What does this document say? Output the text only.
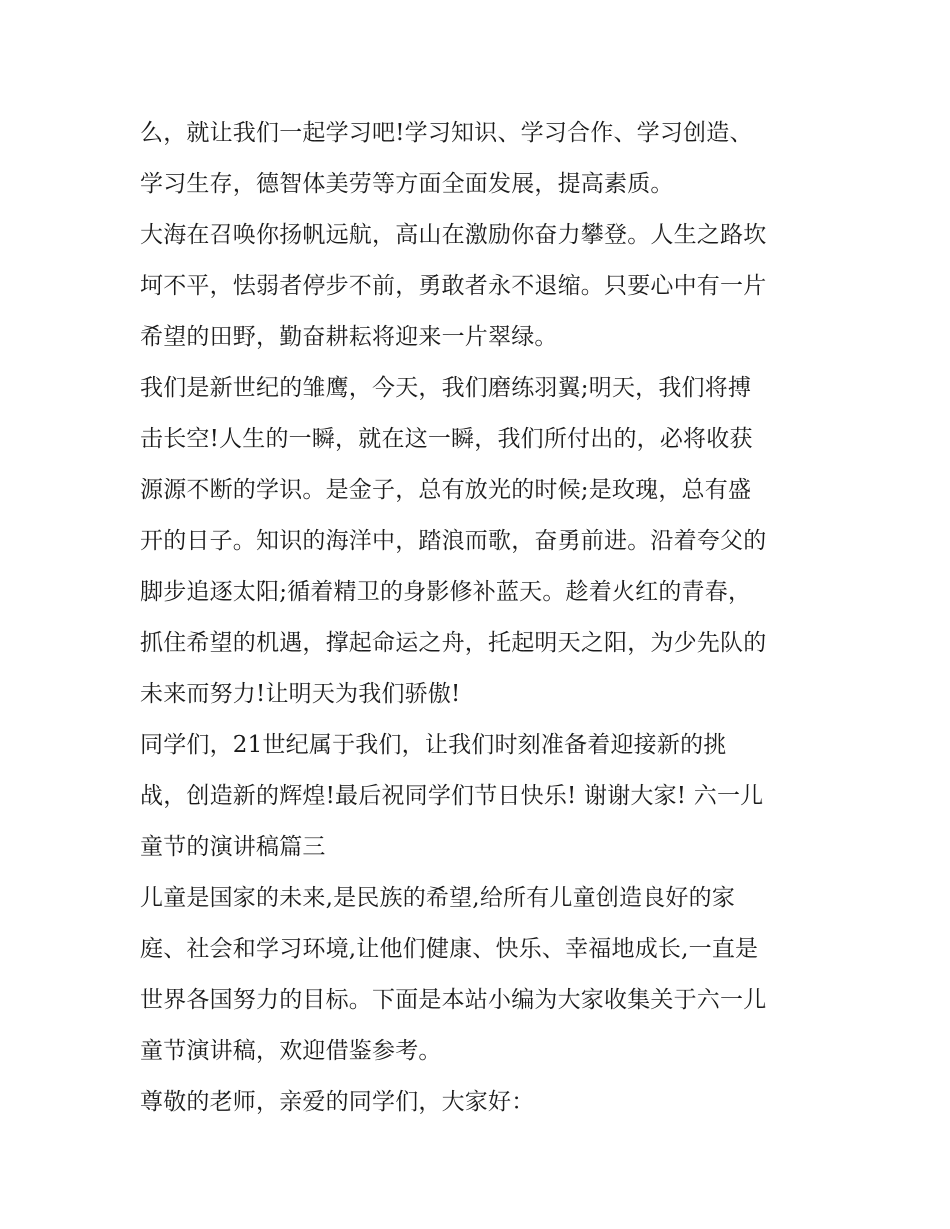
么，就让我们一起学习吧!学习知识、学习合作、学习创造、
学习生存，德智体美劳等方面全面发展，提高素质。
大海在召唤你扬帆远航，高山在激励你奋力攀登。人生之路坎
坷不平，怯弱者停步不前，勇敢者永不退缩。只要心中有一片
希望的田野，勤奋耕耘将迎来一片翠绿。
我们是新世纪的雏鹰，今天，我们磨练羽翼;明天，我们将搏
击长空!人生的一瞬，就在这一瞬，我们所付出的，必将收获
源源不断的学识。是金子，总有放光的时候;是玫瑰，总有盛
开的日子。知识的海洋中，踏浪而歌，奋勇前进。沿着夸父的
脚步追逐太阳;循着精卫的身影修补蓝天。趁着火红的青春，
抓住希望的机遇，撑起命运之舟，托起明天之阳，为少先队的
未来而努力!让明天为我们骄傲!
同学们，21世纪属于我们，让我们时刻准备着迎接新的挑
战，创造新的辉煌!最后祝同学们节日快乐! 谢谢大家! 六一儿
童节的演讲稿篇三
儿童是国家的未来,是民族的希望,给所有儿童创造良好的家
庭、社会和学习环境,让他们健康、快乐、幸福地成长,一直是
世界各国努力的目标。下面是本站小编为大家收集关于六一儿
童节演讲稿，欢迎借鉴参考。
尊敬的老师，亲爱的同学们，大家好：
